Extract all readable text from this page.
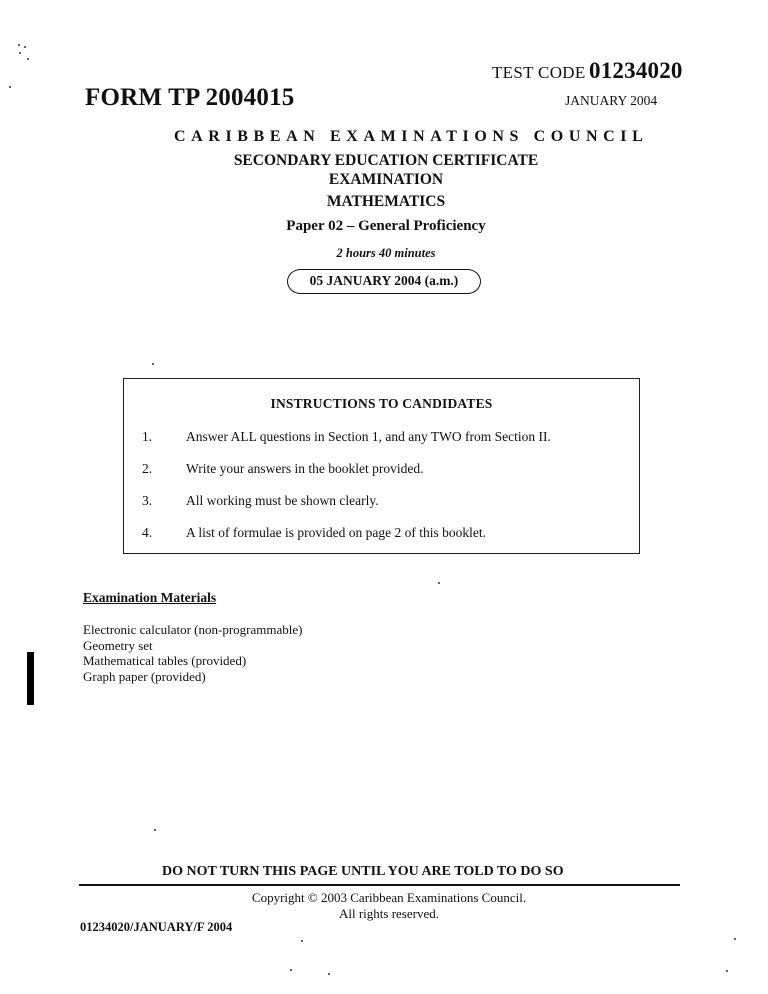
TEST CODE 01234020
JANUARY 2004
FORM TP 2004015
CARIBBEAN EXAMINATIONS COUNCIL
SECONDARY EDUCATION CERTIFICATE
EXAMINATION
MATHEMATICS
Paper 02 – General Proficiency
2 hours 40 minutes
05 JANUARY 2004 (a.m.)
INSTRUCTIONS TO CANDIDATES
1.	Answer ALL questions in Section 1, and any TWO from Section II.
2.	Write your answers in the booklet provided.
3.	All working must be shown clearly.
4.	A list of formulae is provided on page 2 of this booklet.
Examination Materials
Electronic calculator (non-programmable)
Geometry set
Mathematical tables (provided)
Graph paper (provided)
DO NOT TURN THIS PAGE UNTIL YOU ARE TOLD TO DO SO
Copyright © 2003 Caribbean Examinations Council.
All rights reserved.
01234020/JANUARY/F 2004
